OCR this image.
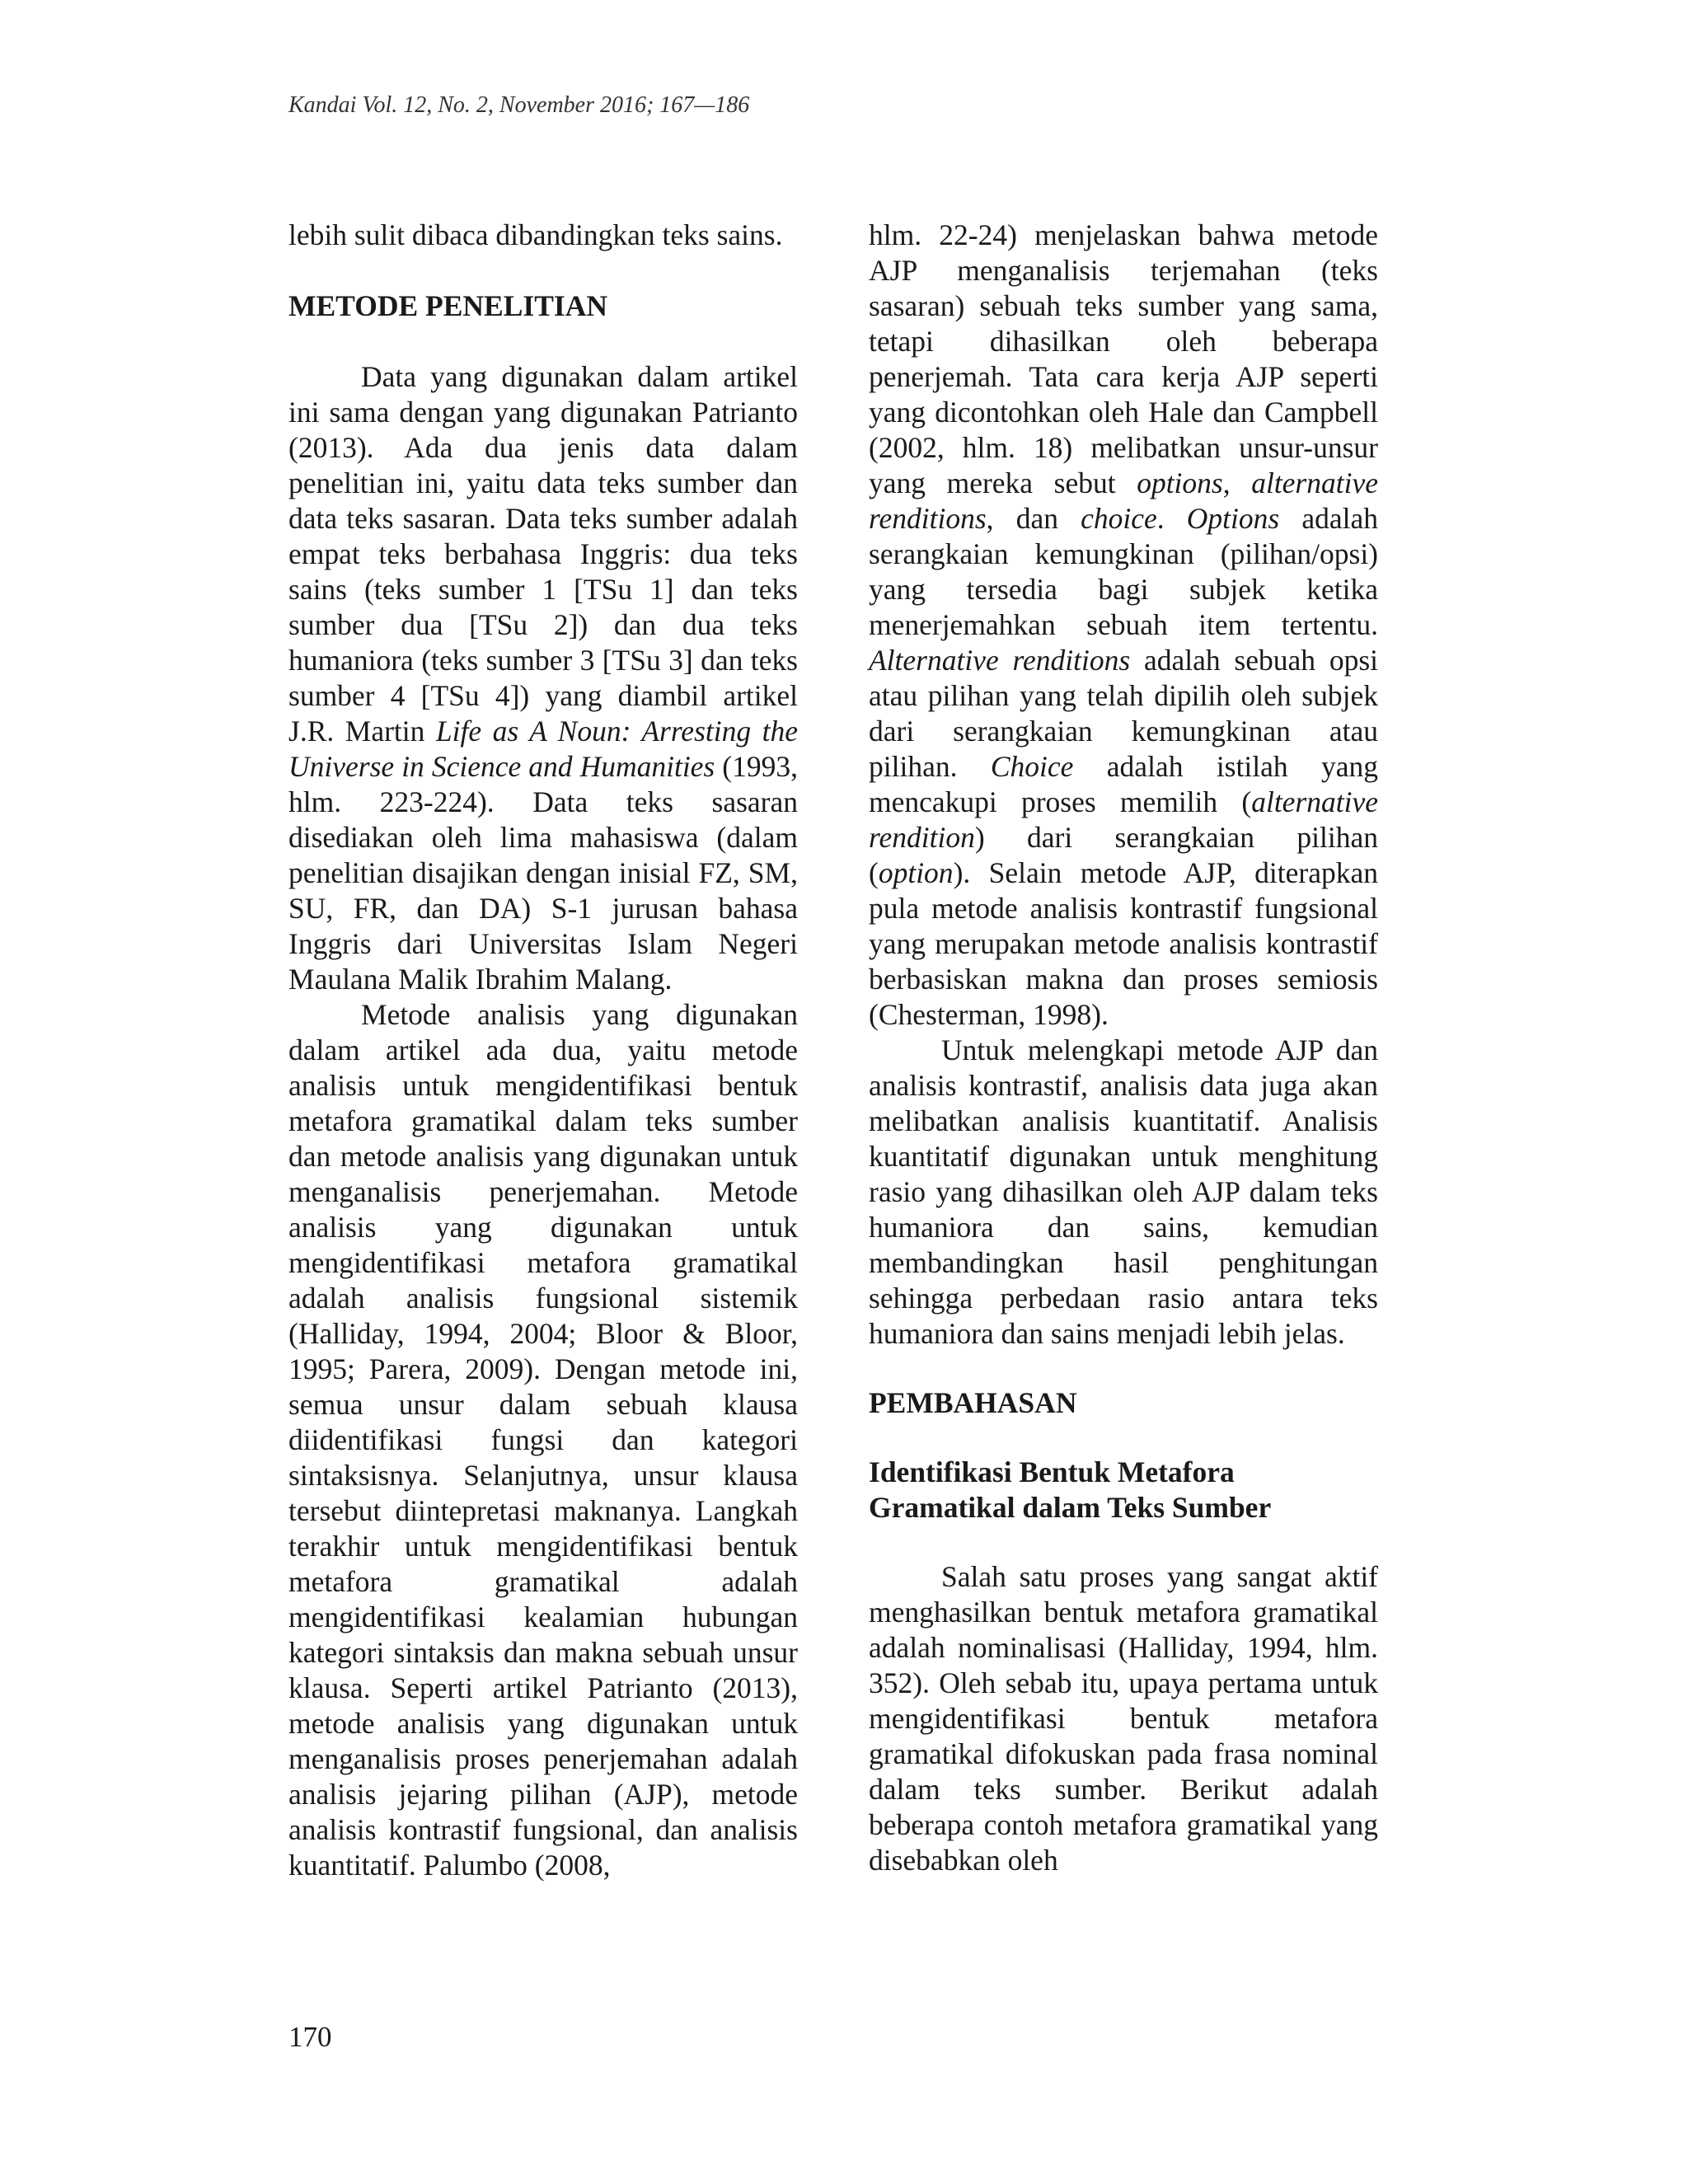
Kandai Vol. 12, No. 2, November 2016; 167—186

lebih sulit dibaca dibandingkan teks sains.

METODE PENELITIAN

Data yang digunakan dalam artikel ini sama dengan yang digunakan Patrianto (2013). Ada dua jenis data dalam penelitian ini, yaitu data teks sumber dan data teks sasaran. Data teks sumber adalah empat teks berbahasa Inggris: dua teks sains (teks sumber 1 [TSu 1] dan teks sumber dua [TSu 2]) dan dua teks humaniora (teks sumber 3 [TSu 3] dan teks sumber 4 [TSu 4]) yang diambil artikel J.R. Martin Life as A Noun: Arresting the Universe in Science and Humanities (1993, hlm. 223-224). Data teks sasaran disediakan oleh lima mahasiswa (dalam penelitian disajikan dengan inisial FZ, SM, SU, FR, dan DA) S-1 jurusan bahasa Inggris dari Universitas Islam Negeri Maulana Malik Ibrahim Malang.

Metode analisis yang digunakan dalam artikel ada dua, yaitu metode analisis untuk mengidentifikasi bentuk metafora gramatikal dalam teks sumber dan metode analisis yang digunakan untuk menganalisis penerjemahan. Metode analisis yang digunakan untuk mengidentifikasi metafora gramatikal adalah analisis fungsional sistemik (Halliday, 1994, 2004; Bloor & Bloor, 1995; Parera, 2009). Dengan metode ini, semua unsur dalam sebuah klausa diidentifikasi fungsi dan kategori sintaksisnya. Selanjutnya, unsur klausa tersebut diintepretasi maknanya. Langkah terakhir untuk mengidentifikasi bentuk metafora gramatikal adalah mengidentifikasi kealamian hubungan kategori sintaksis dan makna sebuah unsur klausa. Seperti artikel Patrianto (2013), metode analisis yang digunakan untuk menganalisis proses penerjemahan adalah analisis jejaring pilihan (AJP), metode analisis kontrastif fungsional, dan analisis kuantitatif. Palumbo (2008,

hlm. 22-24) menjelaskan bahwa metode AJP menganalisis terjemahan (teks sasaran) sebuah teks sumber yang sama, tetapi dihasilkan oleh beberapa penerjemah. Tata cara kerja AJP seperti yang dicontohkan oleh Hale dan Campbell (2002, hlm. 18) melibatkan unsur-unsur yang mereka sebut options, alternative renditions, dan choice. Options adalah serangkaian kemungkinan (pilihan/opsi) yang tersedia bagi subjek ketika menerjemahkan sebuah item tertentu. Alternative renditions adalah sebuah opsi atau pilihan yang telah dipilih oleh subjek dari serangkaian kemungkinan atau pilihan. Choice adalah istilah yang mencakupi proses memilih (alternative rendition) dari serangkaian pilihan (option). Selain metode AJP, diterapkan pula metode analisis kontrastif fungsional yang merupakan metode analisis kontrastif berbasiskan makna dan proses semiosis (Chesterman, 1998).

Untuk melengkapi metode AJP dan analisis kontrastif, analisis data juga akan melibatkan analisis kuantitatif. Analisis kuantitatif digunakan untuk menghitung rasio yang dihasilkan oleh AJP dalam teks humaniora dan sains, kemudian membandingkan hasil penghitungan sehingga perbedaan rasio antara teks humaniora dan sains menjadi lebih jelas.

PEMBAHASAN
Identifikasi Bentuk Metafora
Gramatikal dalam Teks Sumber

Salah satu proses yang sangat aktif menghasilkan bentuk metafora gramatikal adalah nominalisasi (Halliday, 1994, hlm. 352). Oleh sebab itu, upaya pertama untuk mengidentifikasi bentuk metafora gramatikal difokuskan pada frasa nominal dalam teks sumber. Berikut adalah beberapa contoh metafora gramatikal yang disebabkan oleh

170
